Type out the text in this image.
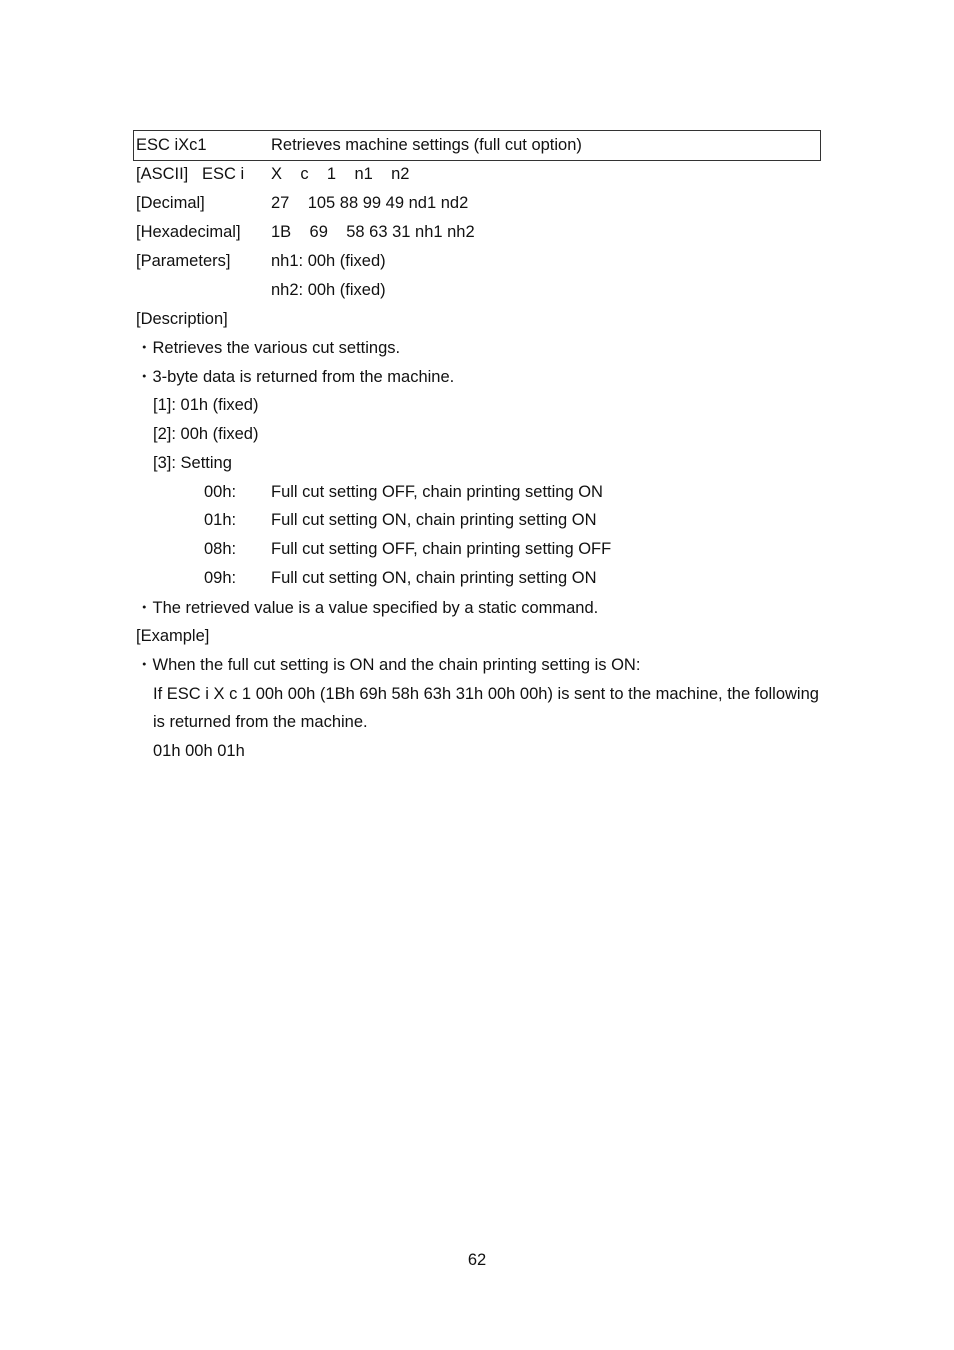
ESC iXc1	Retrieves machine settings (full cut option)
[ASCII]   ESC i X    c    1    n1    n2
[Decimal]	27    105 88 99 49 nd1 nd2
[Hexadecimal] 1B    69    58 63 31 nh1 nh2
[Parameters] nh1: 00h (fixed)
nh2: 00h (fixed)
[Description]
・Retrieves the various cut settings.
・3-byte data is returned from the machine.
[1]: 01h (fixed)
[2]: 00h (fixed)
[3]: Setting
00h: Full cut setting OFF, chain printing setting ON
01h: Full cut setting ON, chain printing setting ON
08h: Full cut setting OFF, chain printing setting OFF
09h: Full cut setting ON, chain printing setting ON
・The retrieved value is a value specified by a static command.
[Example]
・When the full cut setting is ON and the chain printing setting is ON:
If ESC i X c 1 00h 00h (1Bh 69h 58h 63h 31h 00h 00h) is sent to the machine, the following
is returned from the machine.
01h 00h 01h
62
